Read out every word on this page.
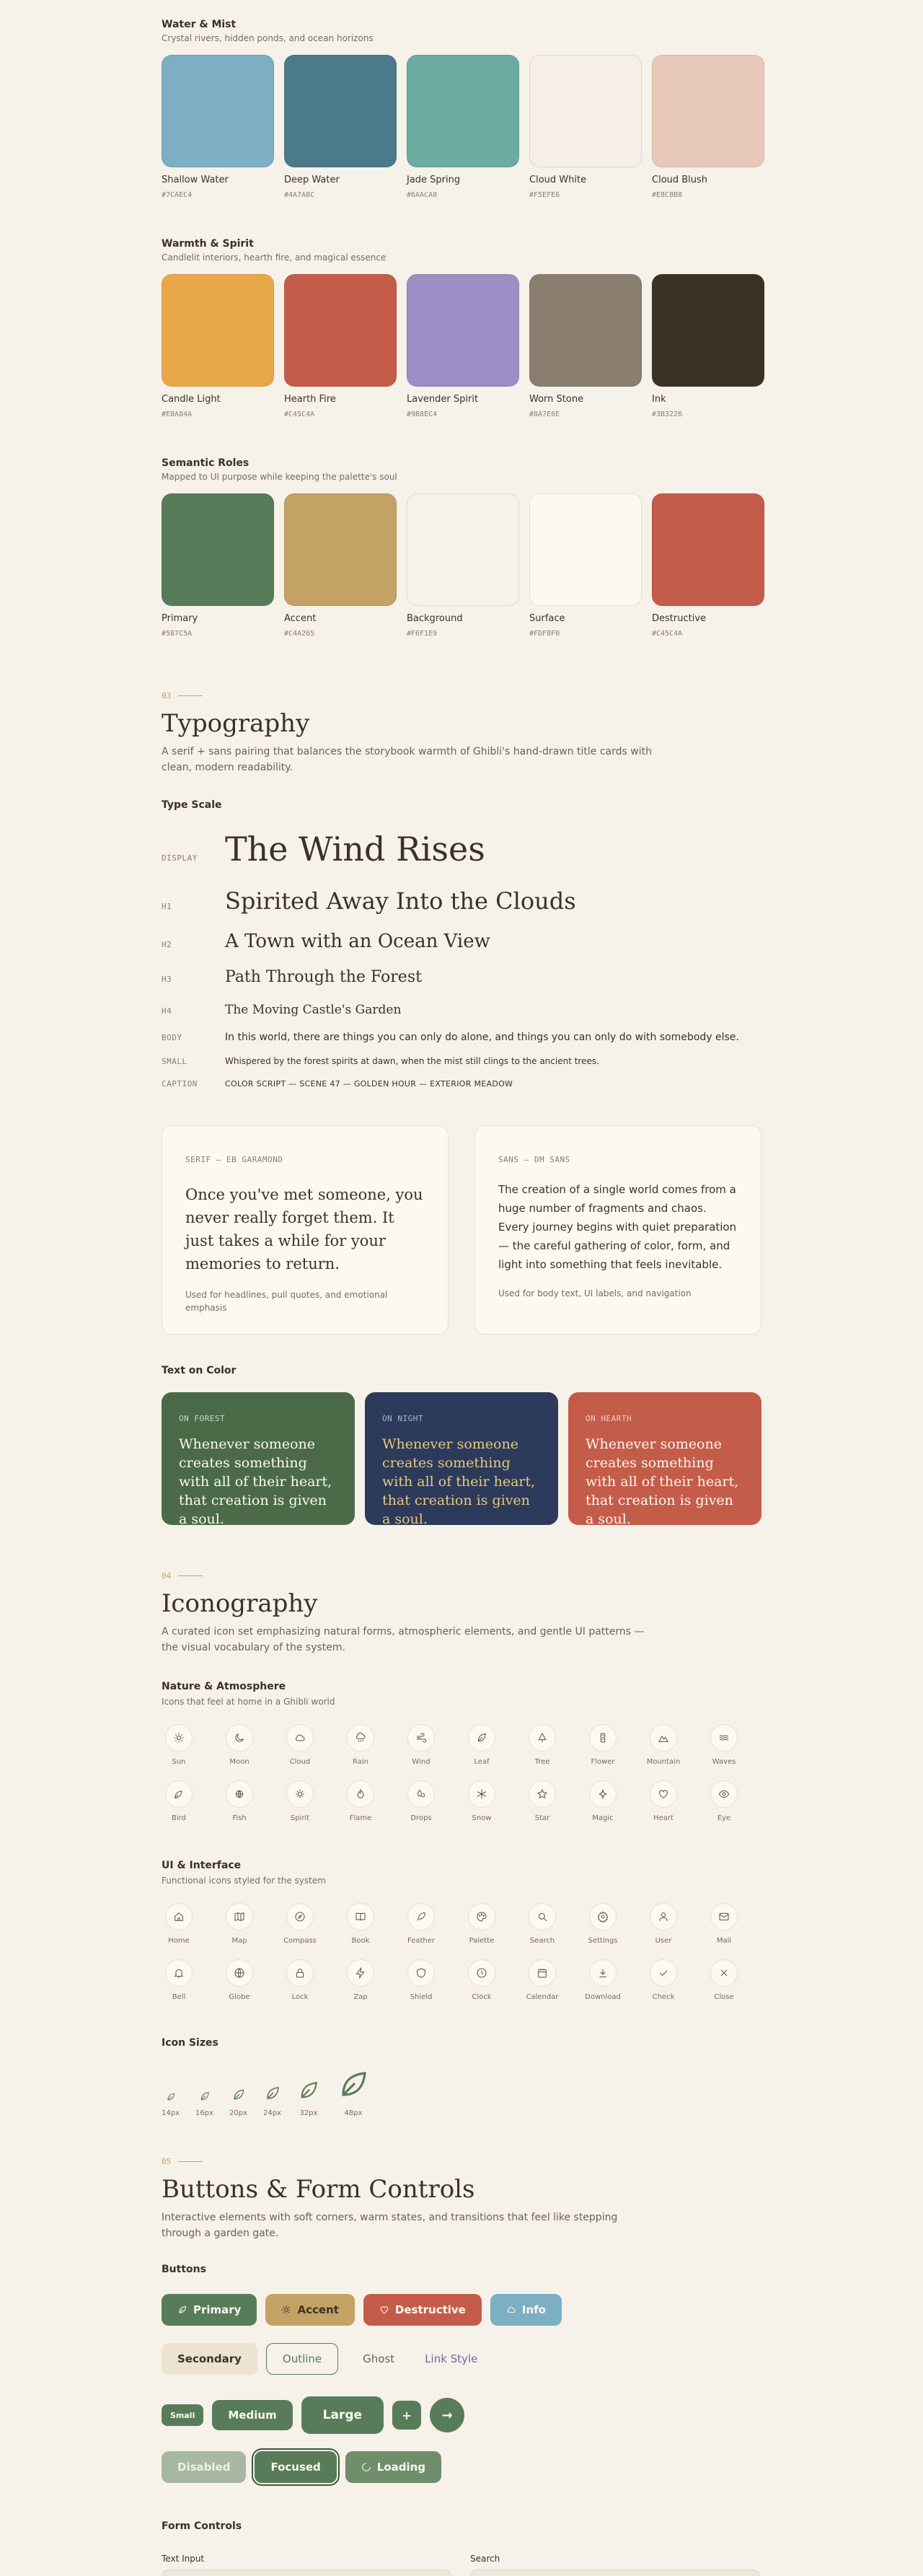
Water & Mist
Crystal rivers, hidden ponds, and ocean horizons
Shallow Water
#7CAEC4
Deep Water
#4A7A8C
Jade Spring
#6AACA0
Cloud White
#F5EFE6
Cloud Blush
#E8C8B8
Warmth & Spirit
Candlelit interiors, hearth fire, and magical essence
Candle Light
#E8A84A
Hearth Fire
#C45C4A
Lavender Spirit
#9B8EC4
Worn Stone
#8A7E6E
Ink
#3B3226
Semantic Roles
Mapped to UI purpose while keeping the palette's soul
Primary
#587C5A
Accent
#C4A265
Background
#F6F1E9
Surface
#FDF8F0
Destructive
#C45C4A
03
Typography
A serif + sans pairing that balances the storybook warmth of Ghibli's hand-drawn title cards with clean, modern readability.
Type Scale
DISPLAY The Wind Rises
H1	Spirited Away Into the Clouds
H2	A Town with an Ocean View
H3	Path Through the Forest
H4	The Moving Castle's Garden
BODY	In this world, there are things you can only do alone, and things you can only do with somebody else.
SMALL	Whispered by the forest spirits at dawn, when the mist still clings to the ancient trees.
CAPTION	COLOR SCRIPT — SCENE 47 — GOLDEN HOUR — EXTERIOR MEADOW
SERIF — EB GARAMOND
Once you've met someone, you never really forget them. It just takes a while for your memories to return.
Used for headlines, pull quotes, and emotional emphasis
SANS — DM SANS
The creation of a single world comes from a huge number of fragments and chaos. Every journey begins with quiet preparation — the careful gathering of color, form, and light into something that feels inevitable.
Used for body text, UI labels, and navigation
Text on Color
ON FOREST
Whenever someone creates something with all of their heart, that creation is given a soul.
ON NIGHT
Whenever someone creates something with all of their heart, that creation is given a soul.
ON HEARTH
Whenever someone creates something with all of their heart, that creation is given a soul.
04
Iconography
A curated icon set emphasizing natural forms, atmospheric elements, and gentle UI patterns — the visual vocabulary of the system.
Nature & Atmosphere
Icons that feel at home in a Ghibli world
Sun	Moon	Cloud	Rain	Wind	Leaf	Tree	Flower	Mountain	Waves
Bird	Fish	Spirit	Flame	Drops	Snow	Star	Magic	Heart	Eye
UI & Interface
Functional icons styled for the system
Home	Map	Compass	Book	Feather	Palette	Search	Settings	User	Mail
Bell	Globe	Lock	Zap	Shield	Clock	Calendar	Download	Check	Close
Icon Sizes
14px 16px 20px 24px	32px	48px
05
Buttons & Form Controls
Interactive elements with soft corners, warm states, and transitions that feel like stepping through a garden gate.
Buttons
Primary	Accent	Destructive	Info
Secondary	Outline	Ghost	Link Style
Small	Medium	Large	+ →
Disabled	Focused	Loading
Form Controls
Text Input	Search
